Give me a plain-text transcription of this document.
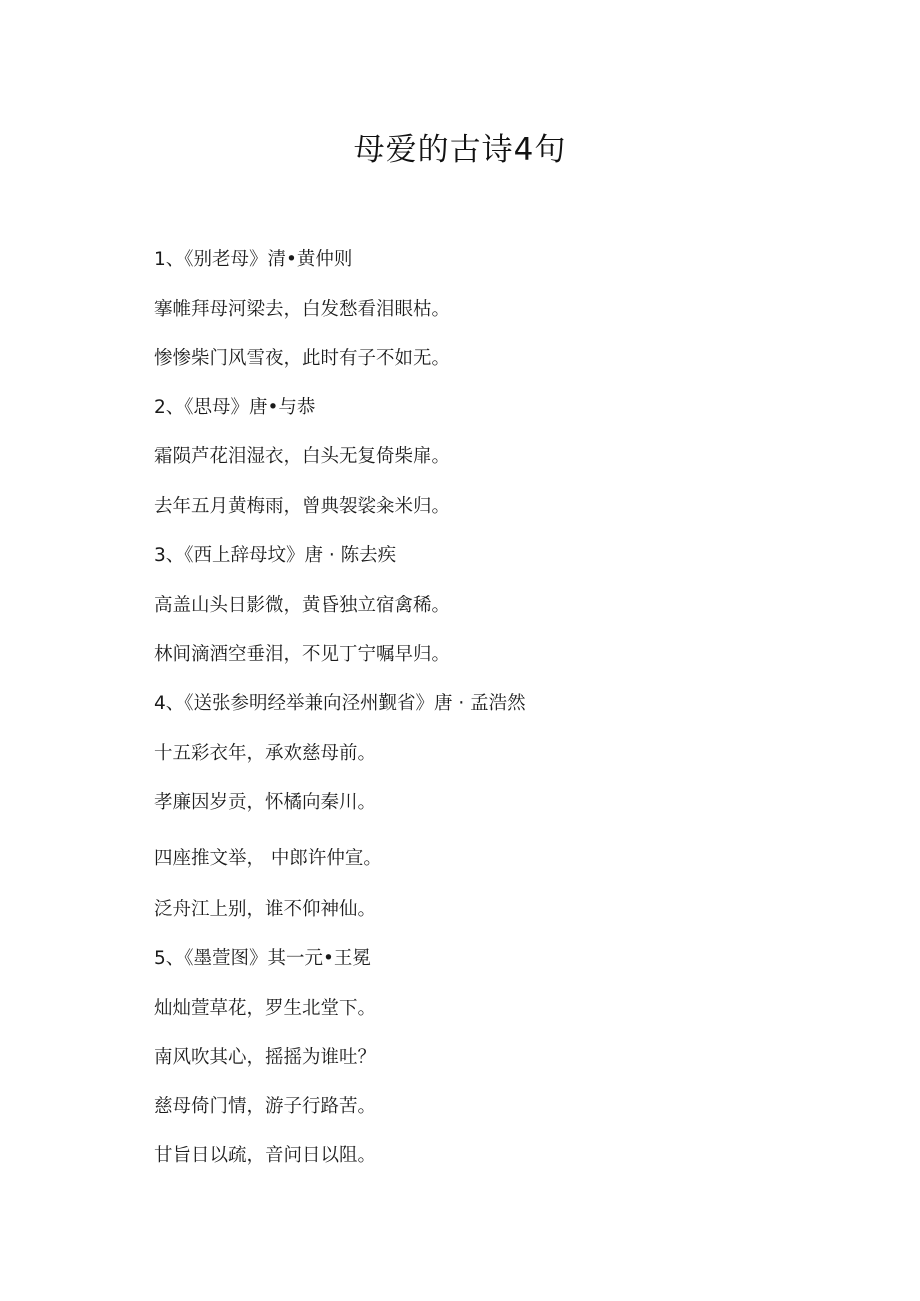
母爱的古诗4句
1、《别老母》清•黄仲则
搴帷拜母河梁去，白发愁看泪眼枯。
惨惨柴门风雪夜，此时有子不如无。
2、《思母》唐•与恭
霜陨芦花泪湿衣，白头无复倚柴扉。
去年五月黄梅雨，曾典袈裟籴米归。
3、《西上辞母坟》唐 · 陈去疾
高盖山头日影微，黄昏独立宿禽稀。
林间滴酒空垂泪，不见丁宁嘱早归。
4、《送张参明经举兼向泾州觐省》唐 · 孟浩然
十五彩衣年，承欢慈母前。
孝廉因岁贡，怀橘向秦川。
四座推文举， 中郎许仲宣。
泛舟江上别，谁不仰神仙。
5、《墨萱图》其一元•王冕
灿灿萱草花，罗生北堂下。
南风吹其心，摇摇为谁吐？
慈母倚门情，游子行路苦。
甘旨日以疏，音问日以阻。
